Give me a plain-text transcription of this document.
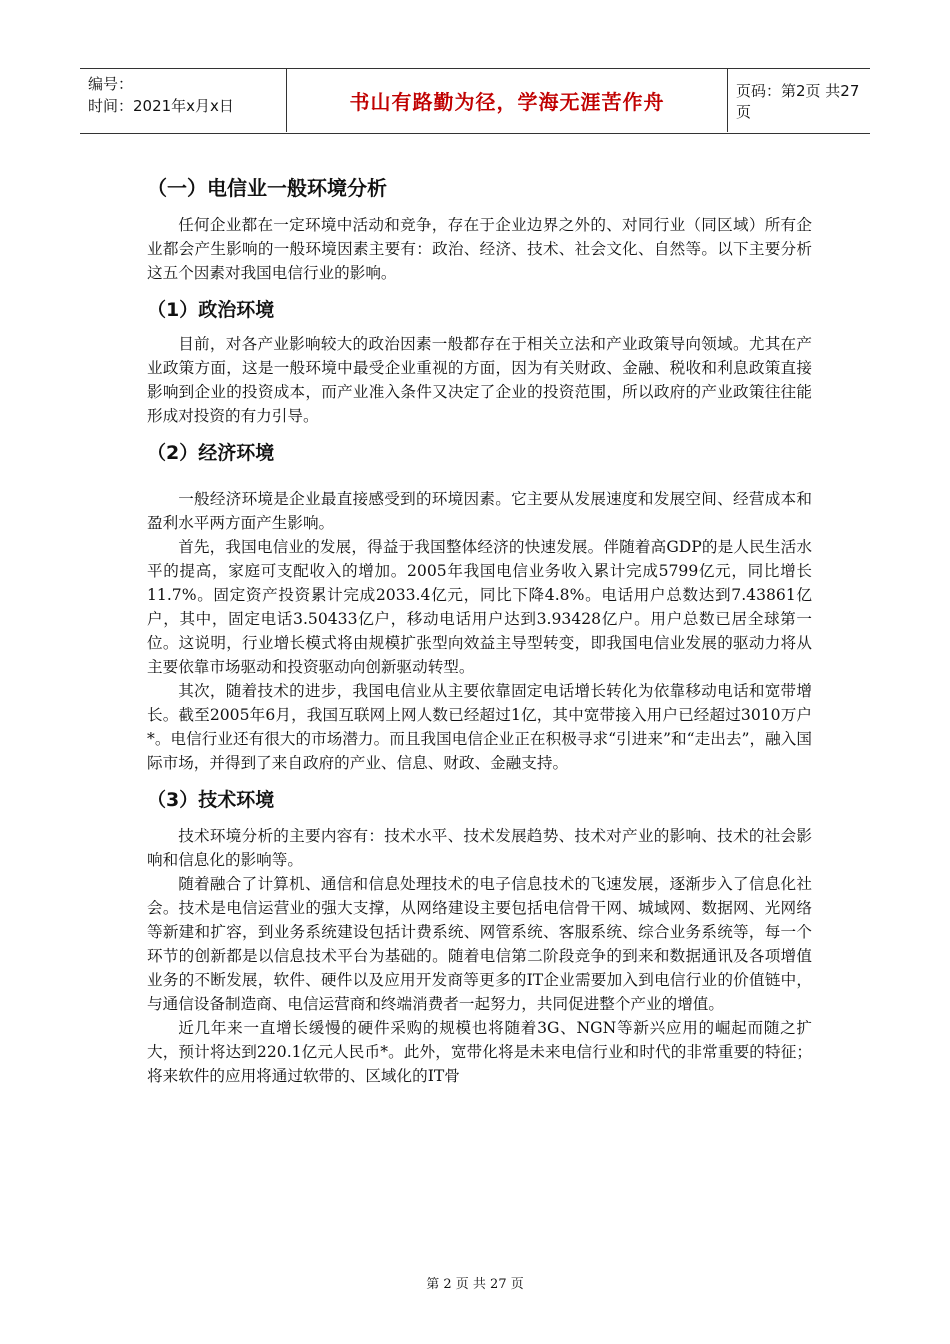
编号：
时间：2021年x月x日	书山有路勤为径，学海无涯苦作舟	页码：第2页 共27页
（一）电信业一般环境分析

任何企业都在一定环境中活动和竞争，存在于企业边界之外的、对同行业（同区域）所有企业都会产生影响的一般环境因素主要有：政治、经济、技术、社会文化、自然等。以下主要分析这五个因素对我国电信行业的影响。

（1）政治环境

目前，对各产业影响较大的政治因素一般都存在于相关立法和产业政策导向领域。尤其在产业政策方面，这是一般环境中最受企业重视的方面，因为有关财政、金融、税收和利息政策直接影响到企业的投资成本，而产业准入条件又决定了企业的投资范围，所以政府的产业政策往往能形成对投资的有力引导。

（2）经济环境

一般经济环境是企业最直接感受到的环境因素。它主要从发展速度和发展空间、经营成本和盈利水平两方面产生影响。

首先，我国电信业的发展，得益于我国整体经济的快速发展。伴随着高GDP的是人民生活水平的提高，家庭可支配收入的增加。2005年我国电信业务收入累计完成5799亿元，同比增长11.7%。固定资产投资累计完成2033.4亿元，同比下降4.8%。电话用户总数达到7.43861亿户，其中，固定电话3.50433亿户，移动电话用户达到3.93428亿户。用户总数已居全球第一位。这说明，行业增长模式将由规模扩张型向效益主导型转变，即我国电信业发展的驱动力将从主要依靠市场驱动和投资驱动向创新驱动转型。

其次，随着技术的进步，我国电信业从主要依靠固定电话增长转化为依靠移动电话和宽带增长。截至2005年6月，我国互联网上网人数已经超过1亿，其中宽带接入用户已经超过3010万户*。电信行业还有很大的市场潜力。而且我国电信企业正在积极寻求“引进来”和“走出去”，融入国际市场，并得到了来自政府的产业、信息、财政、金融支持。

（3）技术环境

技术环境分析的主要内容有：技术水平、技术发展趋势、技术对产业的影响、技术的社会影响和信息化的影响等。

随着融合了计算机、通信和信息处理技术的电子信息技术的飞速发展，逐渐步入了信息化社会。技术是电信运营业的强大支撑，从网络建设主要包括电信骨干网、城域网、数据网、光网络等新建和扩容，到业务系统建设包括计费系统、网管系统、客服系统、综合业务系统等，每一个环节的创新都是以信息技术平台为基础的。随着电信第二阶段竞争的到来和数据通讯及各项增值业务的不断发展，软件、硬件以及应用开发商等更多的IT企业需要加入到电信行业的价值链中，与通信设备制造商、电信运营商和终端消费者一起努力，共同促进整个产业的增值。

近几年来一直增长缓慢的硬件采购的规模也将随着3G、NGN等新兴应用的崛起而随之扩大，预计将达到220.1亿元人民币*。此外，宽带化将是未来电信行业和时代的非常重要的特征；将来软件的应用将通过软带的、区域化的IT骨

第 2 页 共 27 页
